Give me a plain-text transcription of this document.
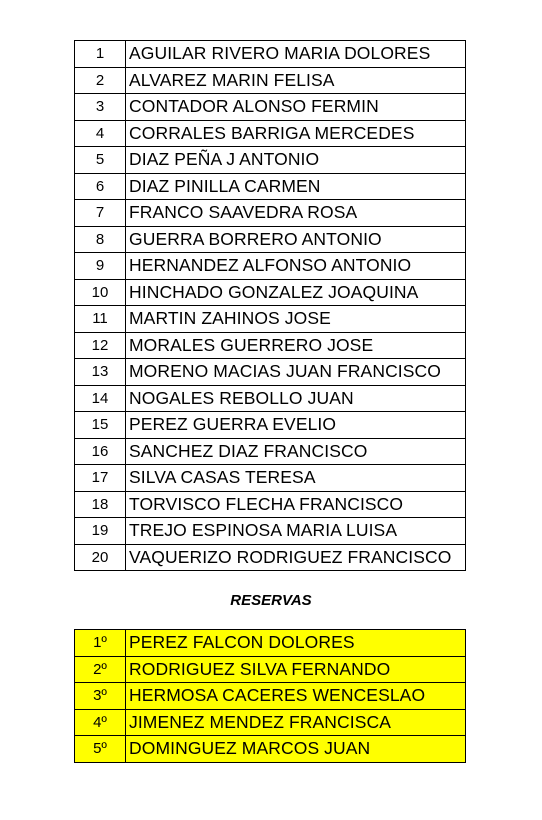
1	AGUILAR RIVERO MARIA DOLORES
2	ALVAREZ MARIN FELISA
3	CONTADOR ALONSO FERMIN
4	CORRALES BARRIGA MERCEDES
5	DIAZ PEÑA J ANTONIO
6	DIAZ PINILLA CARMEN
7	FRANCO SAAVEDRA ROSA
8	GUERRA BORRERO ANTONIO
9	HERNANDEZ ALFONSO ANTONIO
10	HINCHADO GONZALEZ JOAQUINA
11	MARTIN ZAHINOS JOSE
12	MORALES GUERRERO JOSE
13	MORENO MACIAS JUAN FRANCISCO
14	NOGALES REBOLLO JUAN
15	PEREZ GUERRA EVELIO
16	SANCHEZ DIAZ FRANCISCO
17	SILVA CASAS TERESA
18	TORVISCO FLECHA FRANCISCO
19	TREJO ESPINOSA MARIA LUISA
20	VAQUERIZO RODRIGUEZ FRANCISCO
RESERVAS
1º	PEREZ FALCON DOLORES
2º	RODRIGUEZ SILVA FERNANDO
3º	HERMOSA CACERES WENCESLAO
4º	JIMENEZ MENDEZ FRANCISCA
5º	DOMINGUEZ MARCOS JUAN
